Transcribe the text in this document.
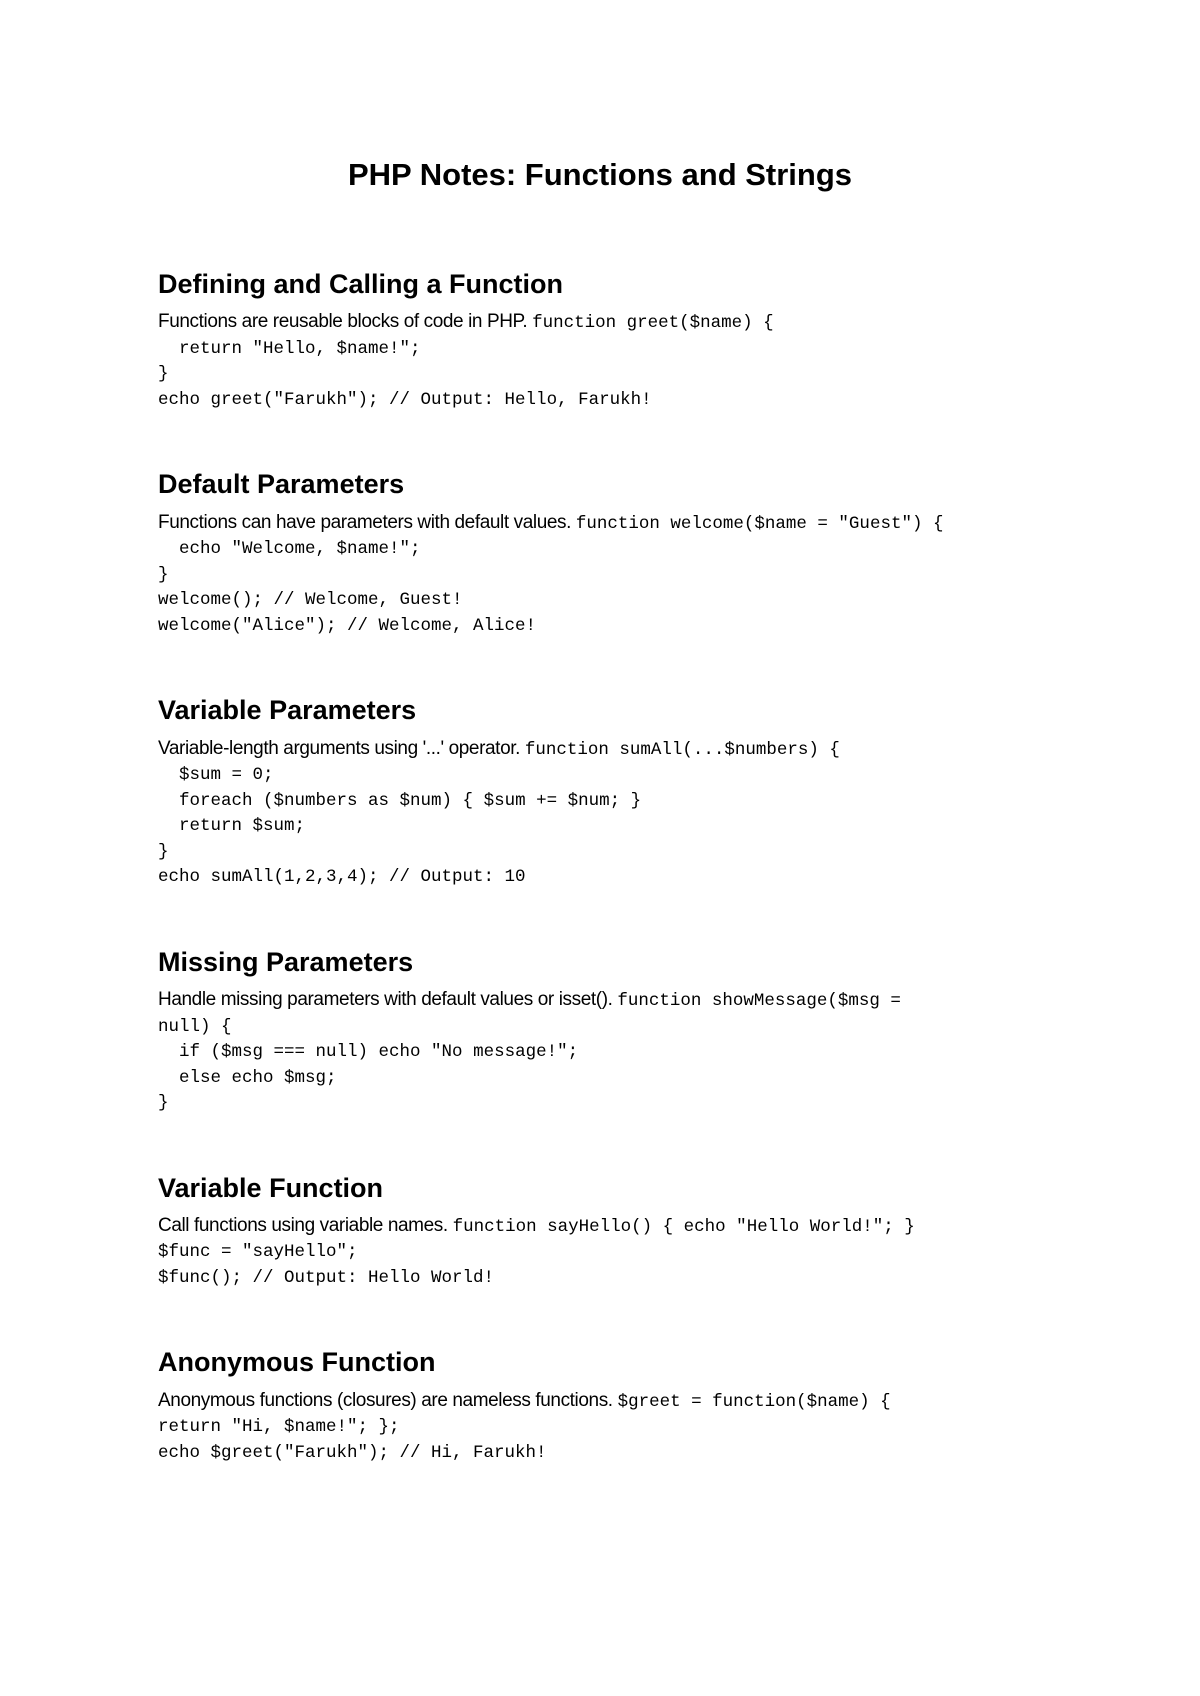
PHP Notes: Functions and Strings
Defining and Calling a Function

Functions are reusable blocks of code in PHP. function greet($name) {
return "Hello, $name!";
}
echo greet("Farukh"); // Output: Hello, Farukh!

Default Parameters

Functions can have parameters with default values. function welcome($name = "Guest") {
echo "Welcome, $name!";
}
welcome(); // Welcome, Guest!
welcome("Alice"); // Welcome, Alice!

Variable Parameters

Variable-length arguments using '...' operator. function sumAll(...$numbers) {
$sum = 0;
foreach ($numbers as $num) { $sum += $num; }
return $sum;
}
echo sumAll(1,2,3,4); // Output: 10

Missing Parameters

Handle missing parameters with default values or isset(). function showMessage($msg =
null) {
if ($msg === null) echo "No message!";
else echo $msg;
}

Variable Function

Call functions using variable names. function sayHello() { echo "Hello World!"; }
$func = "sayHello";
$func(); // Output: Hello World!

Anonymous Function

Anonymous functions (closures) are nameless functions. $greet = function($name) {
return "Hi, $name!"; };
echo $greet("Farukh"); // Hi, Farukh!
